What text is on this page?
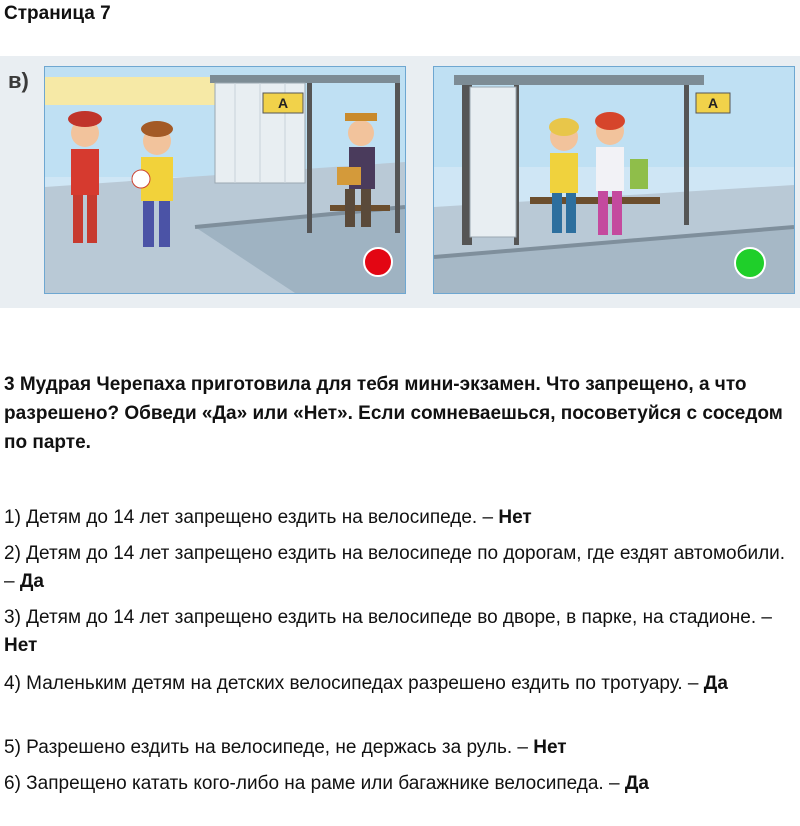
Страница 7
в)
A	A
3 Мудрая Черепаха приготовила для тебя мини-экзамен. Что запрещено, а что разрешено? Обведи «Да» или «Нет». Если сомневаешься, посоветуйся с соседом по парте.
1) Детям до 14 лет запрещено ездить на велосипеде. – Нет
2) Детям до 14 лет запрещено ездить на велосипеде по дорогам, где ездят автомобили. – Да
3) Детям до 14 лет запрещено ездить на велосипеде во дворе, в парке, на стадионе. – Нет
4) Маленьким детям на детских велосипедах разрешено ездить по тротуару. – Да
5) Разрешено ездить на велосипеде, не держась за руль. – Нет
6) Запрещено катать кого-либо на раме или багажнике велосипеда. – Да
